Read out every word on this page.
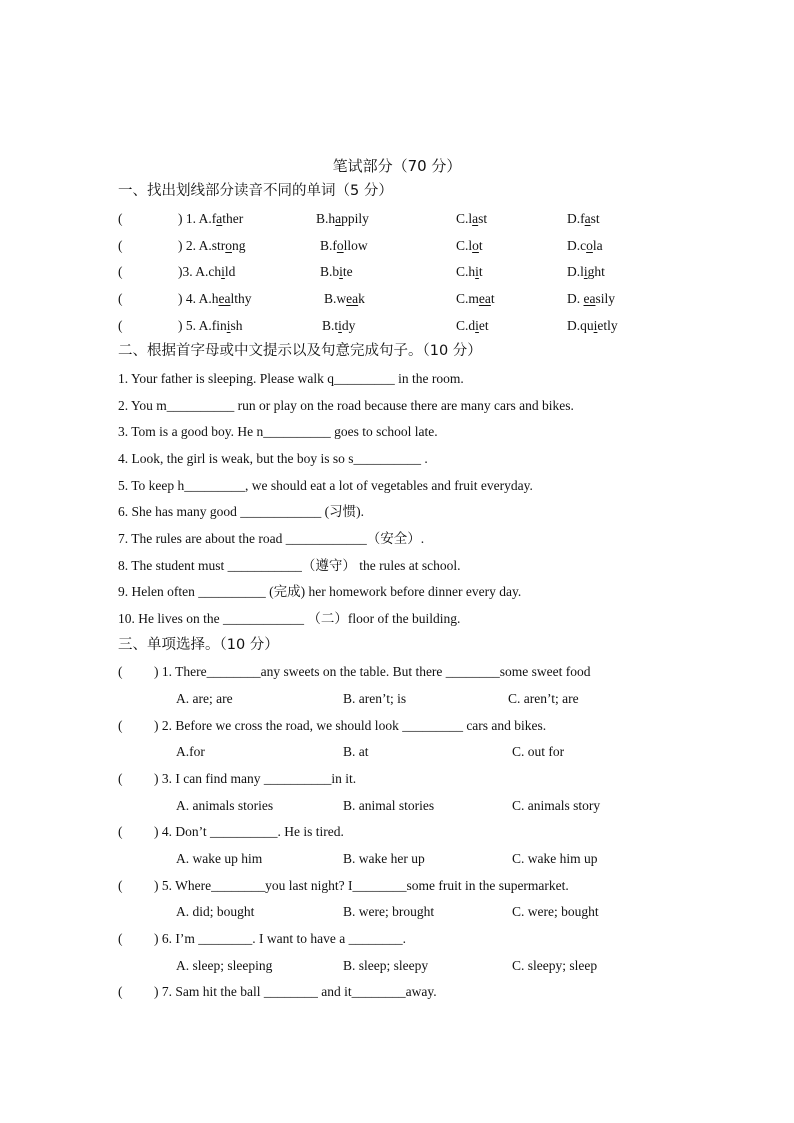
笔试部分（70 分）
一、找出划线部分读音不同的单词（5 分）
(	) 1. A.father	B.happily	C.last	D.fast
(	) 2. A.strong	B.follow	C.lot	D.cola
(	)3. A.child	B.bite	C.hit	D.light
(	) 4. A.healthy	B.weak	C.meat	D. easily
(	) 5. A.finish	B.tidy	C.diet	D.quietly
二、根据首字母或中文提示以及句意完成句子。（10 分）
1. Your father is sleeping. Please walk q_________ in the room.
2. You m__________ run or play on the road because there are many cars and bikes.
3. Tom is a good boy. He n__________ goes to school late.
4. Look, the girl is weak, but the boy is so s__________ .
5. To keep h_________, we should eat a lot of vegetables and fruit everyday.
6. She has many good ____________ (习惯).
7. The rules are about the road ____________（安全）.
8. The student must ___________（遵守） the rules at school.
9. Helen often __________ (完成) her homework before dinner every day.
10. He lives on the ____________ （二）floor of the building.
三、单项选择。（10 分）
( ) 1. There________any sweets on the table. But there ________some sweet food
A. are; are	B. aren’t; is	C. aren’t; are
( ) 2. Before we cross the road, we should look _________ cars and bikes.
A.for	B. at	C. out for
( ) 3. I can find many __________in it.
A. animals stories	B. animal stories	C. animals story
( ) 4. Don’t __________. He is tired.
A. wake up him	B. wake her up	C. wake him up
( ) 5. Where________you last night? I________some fruit in the supermarket.
A. did; bought	B. were; brought	C. were; bought
( ) 6. I’m ________. I want to have a ________.
A. sleep; sleeping	B. sleep; sleepy	C. sleepy; sleep
( ) 7. Sam hit the ball ________ and it________away.
